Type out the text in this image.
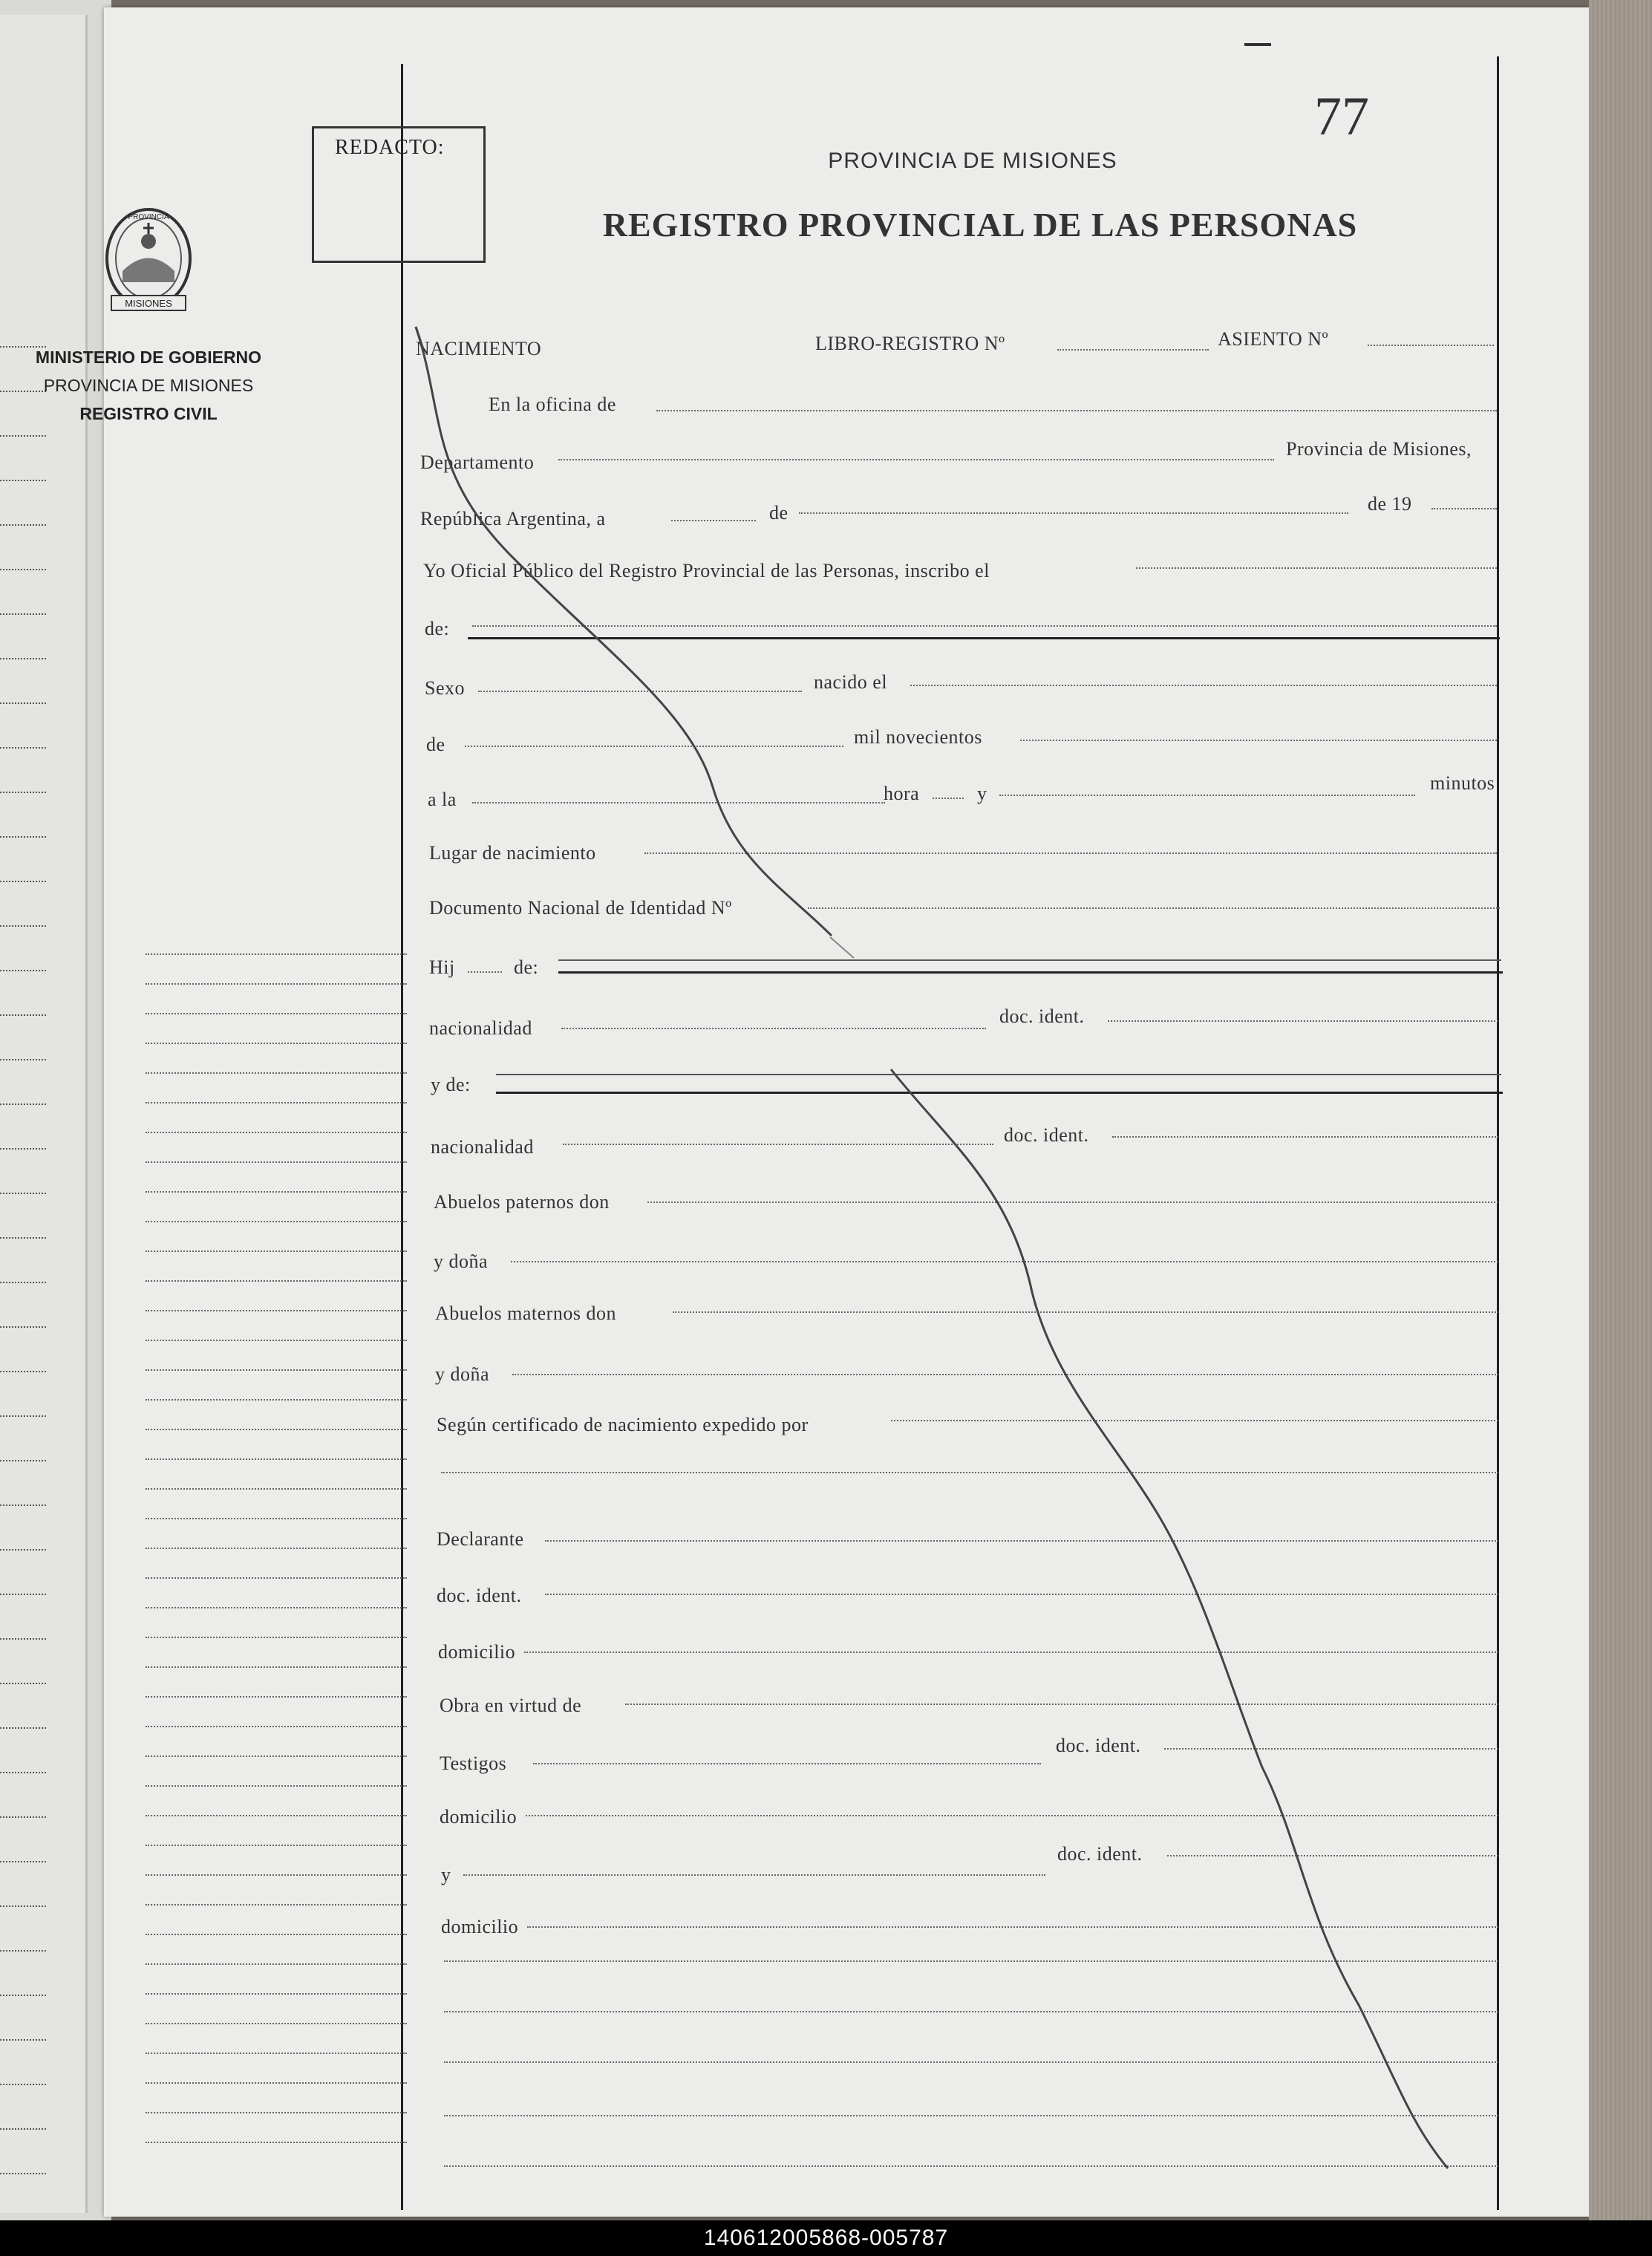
REDACTO:
77
PROVINCIA DE MISIONES
REGISTRO PROVINCIAL DE LAS PERSONAS
MISIONES
PROVINCIA
MINISTERIO DE GOBIERNO
PROVINCIA DE MISIONES
REGISTRO CIVIL
NACIMIENTO	LIBRO-REGISTRO Nº	ASIENTO Nº
En la oficina de
Departamento
Provincia de Misiones,
República Argentina, a	de	de 19
Yo Oficial Público del Registro Provincial de las Personas, inscribo el
de:
Sexo	nacido el
de	mil novecientos
a la	hora	y	minutos
Lugar de nacimiento
Documento Nacional de Identidad Nº
Hij	de:
nacionalidad
doc. ident.
y de:
nacionalidad
doc. ident.
Abuelos paternos don
y doña
Abuelos maternos don
y doña
Según certificado de nacimiento expedido por
Declarante
doc. ident.
domicilio
Obra en virtud de
Testigos
doc. ident.
domicilio
y
doc. ident.
domicilio
140612005868-005787
